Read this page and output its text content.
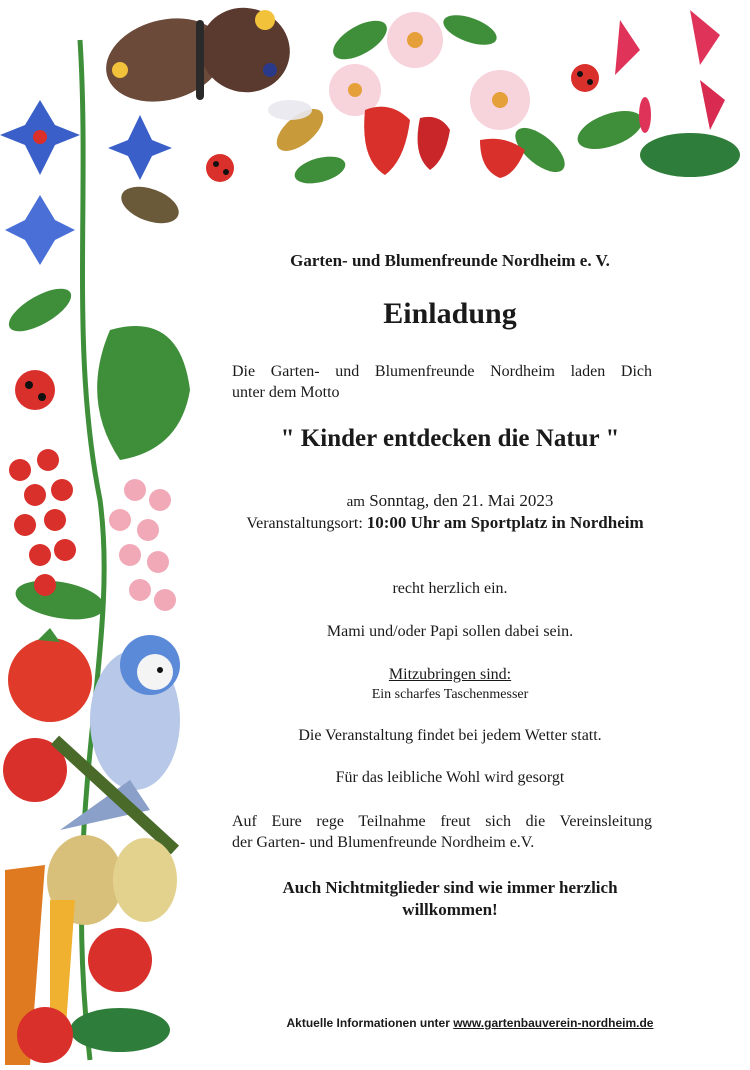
Garten- und Blumenfreunde Nordheim e. V.
Einladung
Die Garten- und Blumenfreunde Nordheim laden Dich
unter dem Motto
" Kinder entdecken die Natur "
am Sonntag, den 21. Mai 2023
Veranstaltungsort: 10:00 Uhr am Sportplatz in Nordheim
recht herzlich ein.
Mami und/oder Papi sollen dabei sein.
Mitzubringen sind:
Ein scharfes Taschenmesser
Die Veranstaltung findet bei jedem Wetter statt.
Für das leibliche Wohl wird gesorgt
Auf Eure rege Teilnahme freut sich die Vereinsleitung
der Garten- und Blumenfreunde Nordheim e.V.
Auch Nichtmitglieder sind wie immer herzlich
willkommen!
Aktuelle Informationen unter www.gartenbauverein-nordheim.de
